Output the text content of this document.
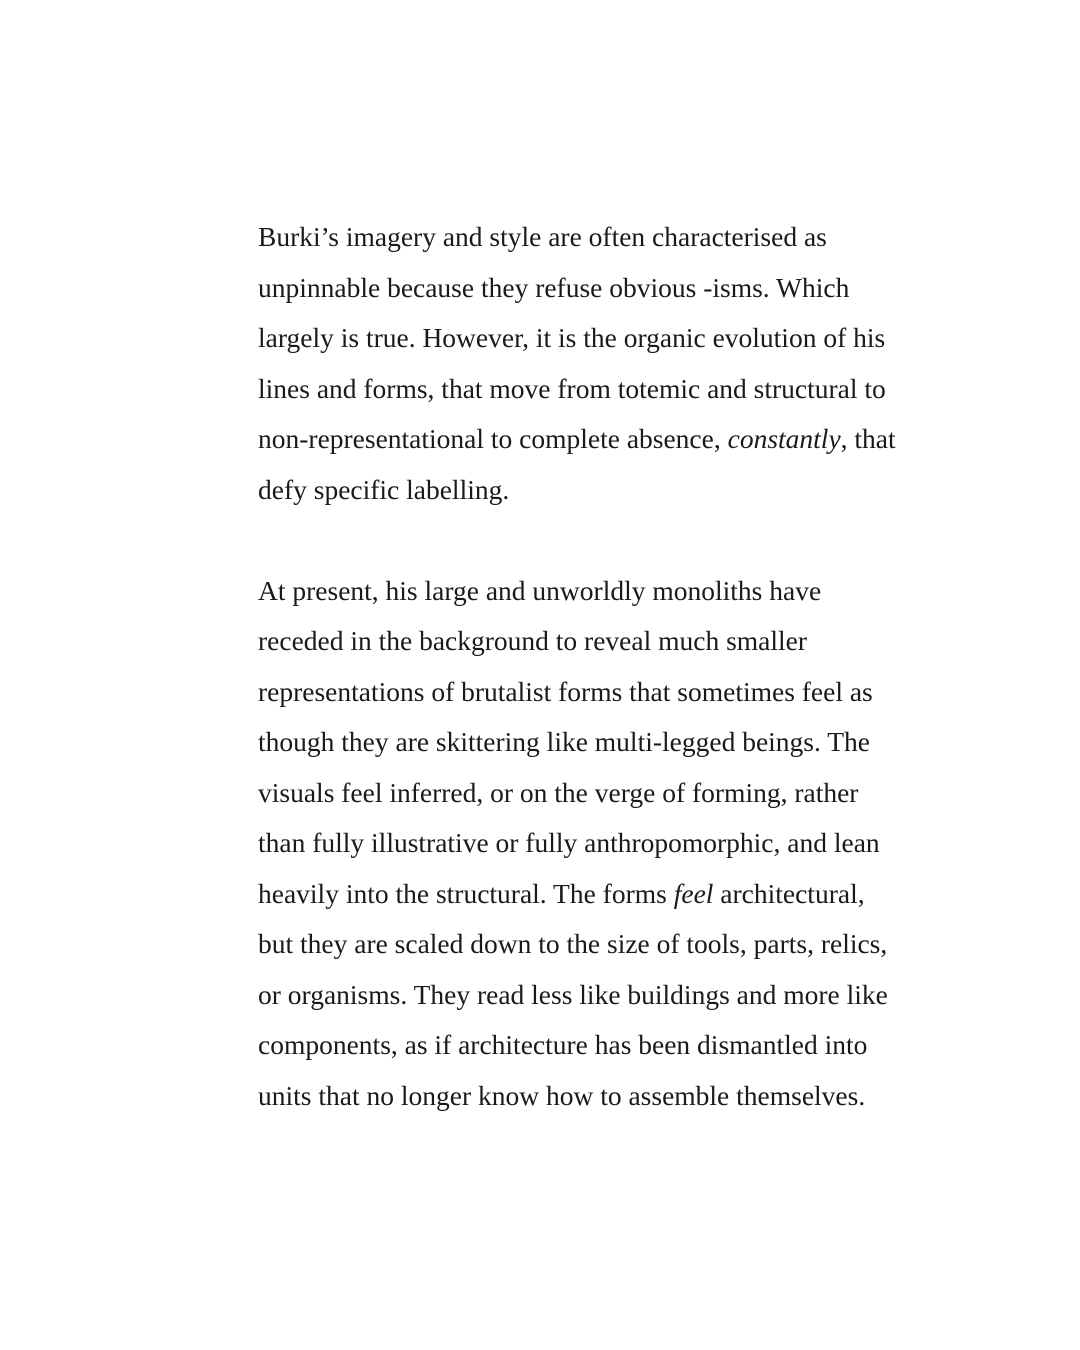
Burki’s imagery and style are often characterised as
unpinnable because they refuse obvious -isms. Which
largely is true. However, it is the organic evolution of his
lines and forms, that move from totemic and structural to
non-representational to complete absence, constantly, that
defy specific labelling.
At present, his large and unworldly monoliths have
receded in the background to reveal much smaller
representations of brutalist forms that sometimes feel as
though they are skittering like multi-legged beings. The
visuals feel inferred, or on the verge of forming, rather
than fully illustrative or fully anthropomorphic, and lean
heavily into the structural. The forms feel architectural,
but they are scaled down to the size of tools, parts, relics,
or organisms. They read less like buildings and more like
components, as if architecture has been dismantled into
units that no longer know how to assemble themselves.
